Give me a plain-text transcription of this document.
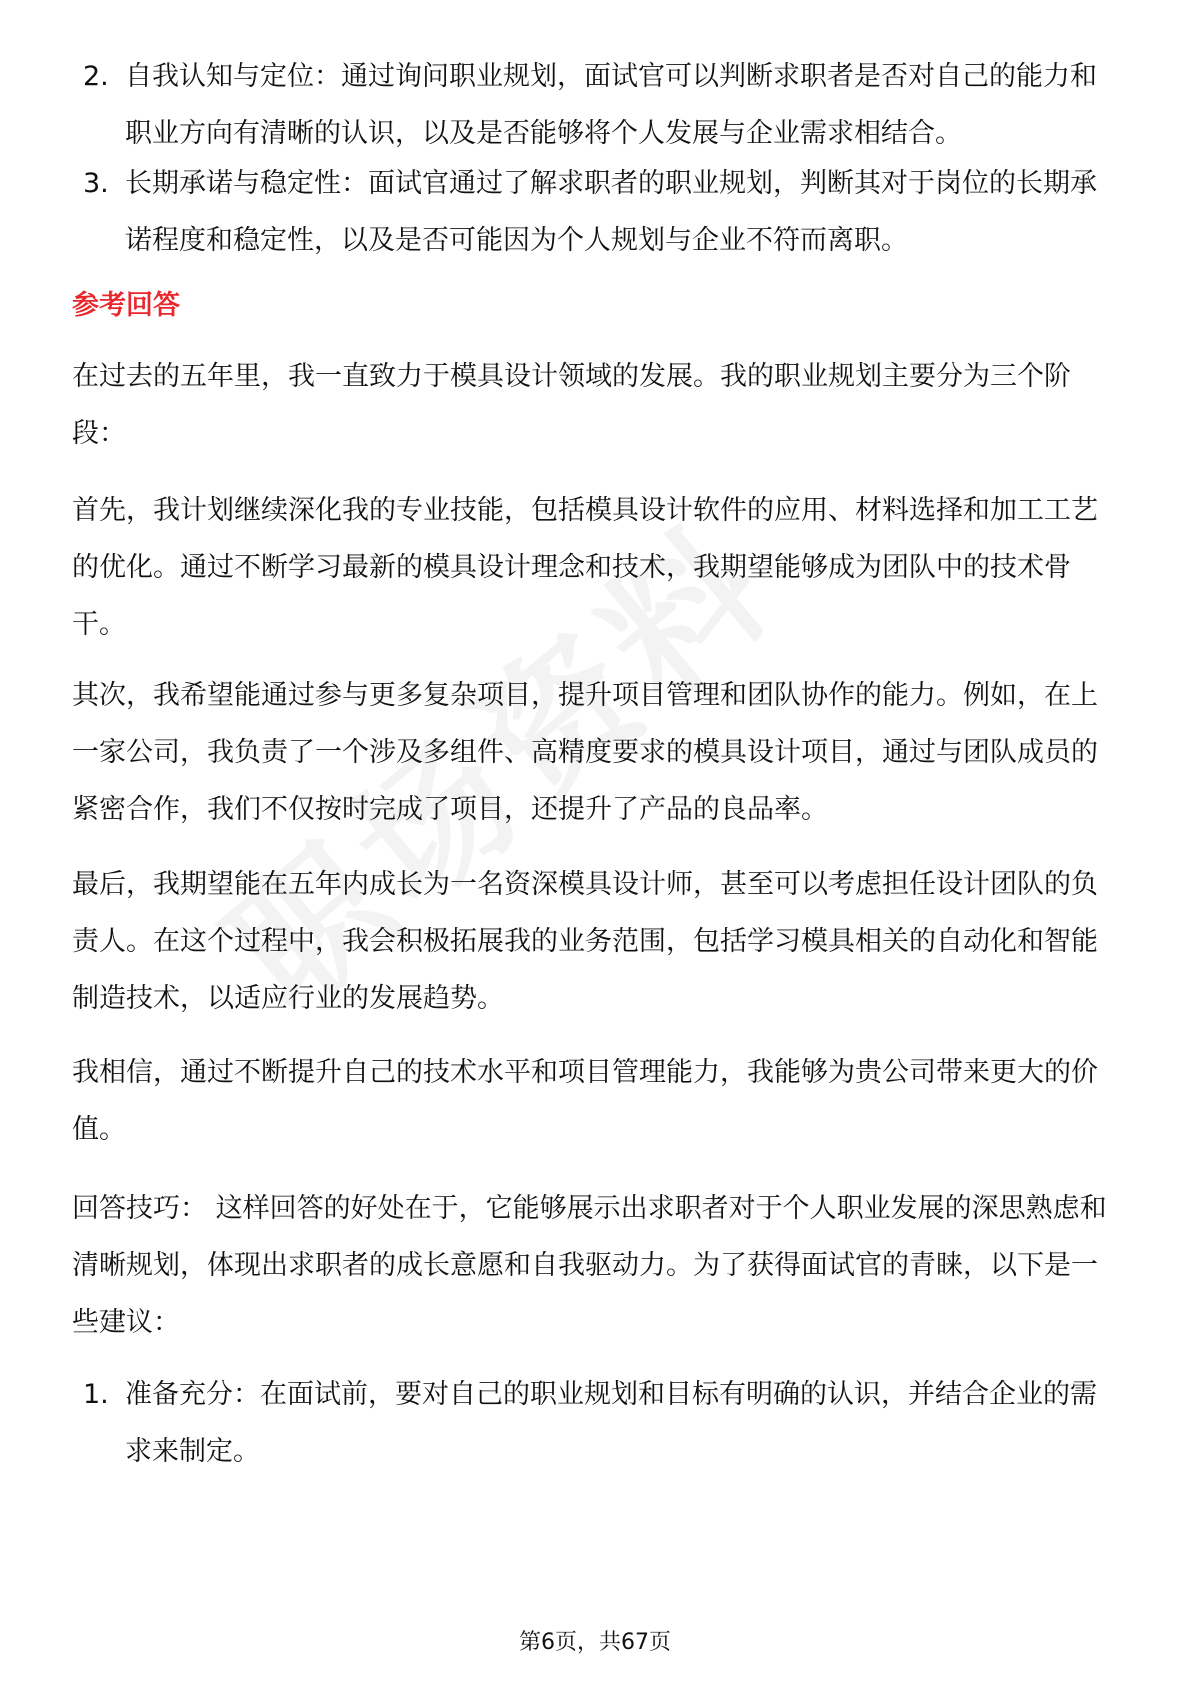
2. 自我认知与定位：通过询问职业规划，面试官可以判断求职者是否对自己的能力和职业方向有清晰的认识，以及是否能够将个人发展与企业需求相结合。
3. 长期承诺与稳定性：面试官通过了解求职者的职业规划，判断其对于岗位的长期承诺程度和稳定性，以及是否可能因为个人规划与企业不符而离职。
参考回答
在过去的五年里，我一直致力于模具设计领域的发展。我的职业规划主要分为三个阶段：
首先，我计划继续深化我的专业技能，包括模具设计软件的应用、材料选择和加工工艺的优化。通过不断学习最新的模具设计理念和技术，我期望能够成为团队中的技术骨干。
其次，我希望能通过参与更多复杂项目，提升项目管理和团队协作的能力。例如，在上一家公司，我负责了一个涉及多组件、高精度要求的模具设计项目，通过与团队成员的紧密合作，我们不仅按时完成了项目，还提升了产品的良品率。
最后，我期望能在五年内成长为一名资深模具设计师，甚至可以考虑担任设计团队的负责人。在这个过程中，我会积极拓展我的业务范围，包括学习模具相关的自动化和智能制造技术，以适应行业的发展趋势。
我相信，通过不断提升自己的技术水平和项目管理能力，我能够为贵公司带来更大的价值。
回答技巧： 这样回答的好处在于，它能够展示出求职者对于个人职业发展的深思熟虑和清晰规划，体现出求职者的成长意愿和自我驱动力。为了获得面试官的青睐，以下是一些建议：
1. 准备充分：在面试前，要对自己的职业规划和目标有明确的认识，并结合企业的需求来制定。
第6页，共67页
